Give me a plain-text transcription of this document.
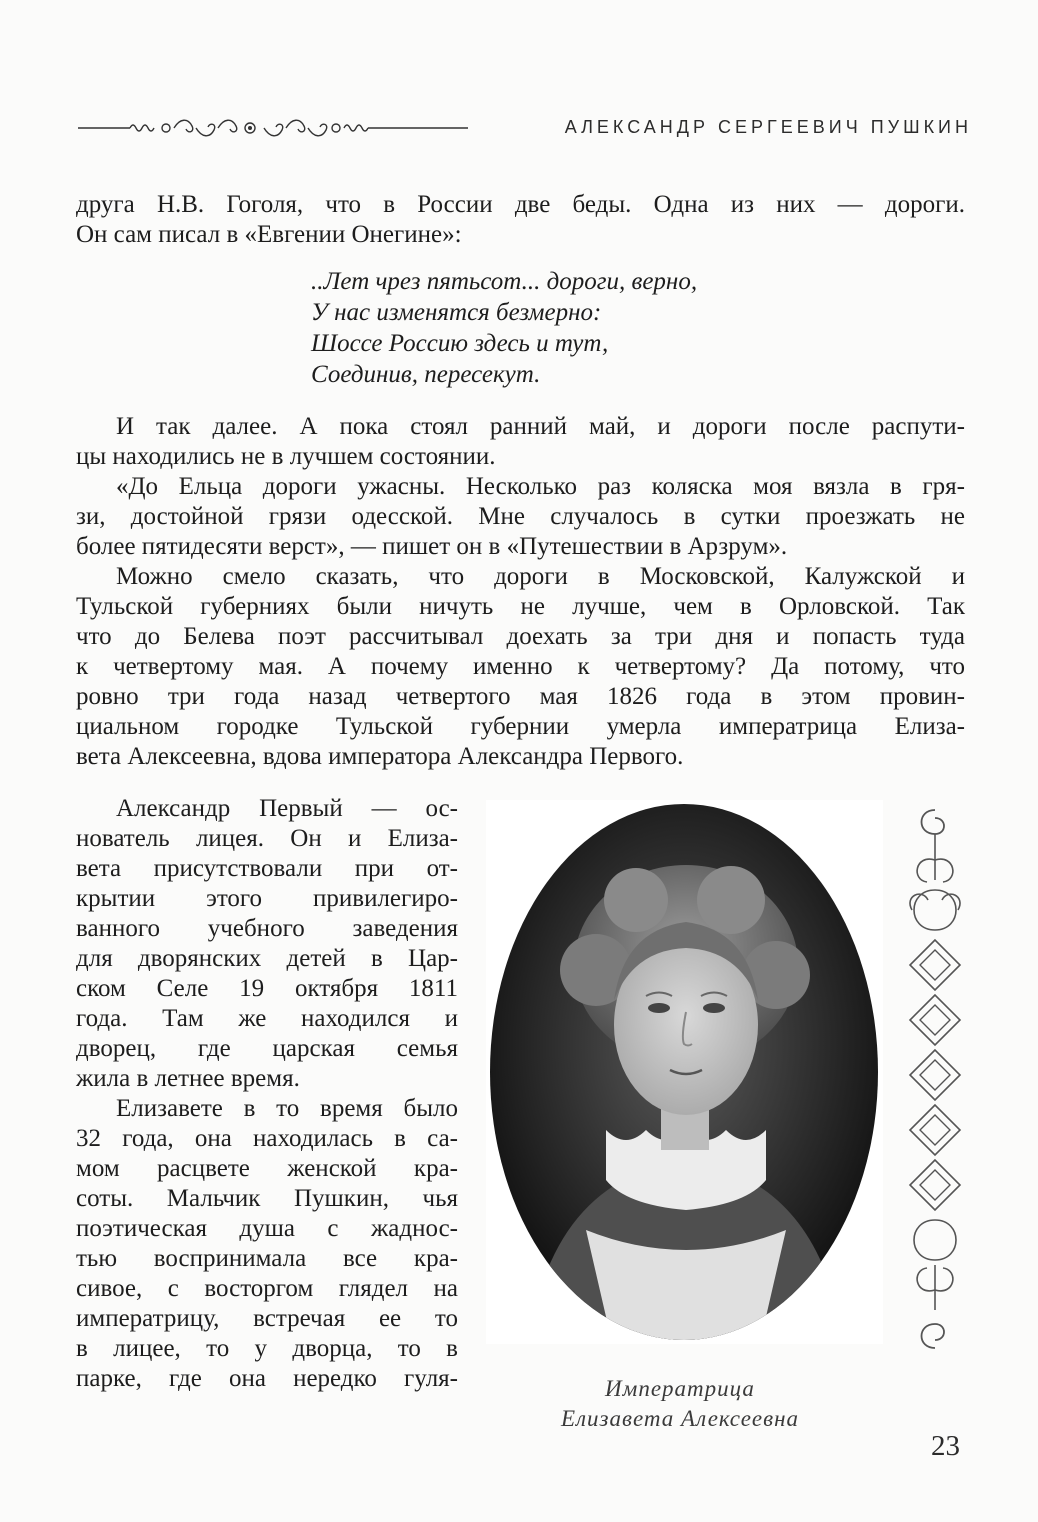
АЛЕКСАНДР СЕРГЕЕВИЧ ПУШКИН
друга Н.В. Гоголя, что в России две беды. Одна из них — дороги.
Он сам писал в «Евгении Онегине»:
..Лет чрез пятьсот... дороги, верно,
У нас изменятся безмерно:
Шоссе Россию здесь и тут,
Соединив, пересекут.
И так далее. А пока стоял ранний май, и дороги после распути-
цы находились не в лучшем состоянии.
«До Ельца дороги ужасны. Несколько раз коляска моя вязла в гря-
зи, достойной грязи одесской. Мне случалось в сутки проезжать не
более пятидесяти верст», — пишет он в «Путешествии в Арзрум».
Можно смело сказать, что дороги в Московской, Калужской и
Тульской губерниях были ничуть не лучше, чем в Орловской. Так
что до Белева поэт рассчитывал доехать за три дня и попасть туда
к четвертому мая. А почему именно к четвертому? Да потому, что
ровно три года назад четвертого мая 1826 года в этом провин-
циальном городке Тульской губернии умерла императрица Елиза-
вета Алексеевна, вдова императора Александра Первого.
Александр Первый — ос-
нователь лицея. Он и Елиза-
вета присутствовали при от-
крытии этого привилегиро-
ванного учебного заведения
для дворянских детей в Цар-
ском Селе 19 октября 1811
года. Там же находился и
дворец, где царская семья
жила в летнее время.
Елизавете в то время было
32 года, она находилась в са-
мом расцвете женской кра-
соты. Мальчик Пушкин, чья
поэтическая душа с жаднос-
тью воспринимала все кра-
сивое, с восторгом глядел на
императрицу, встречая ее то
в лицее, то у дворца, то в
парке, где она нередко гуля-	Императрица
Елизавета Алексеевна
23
